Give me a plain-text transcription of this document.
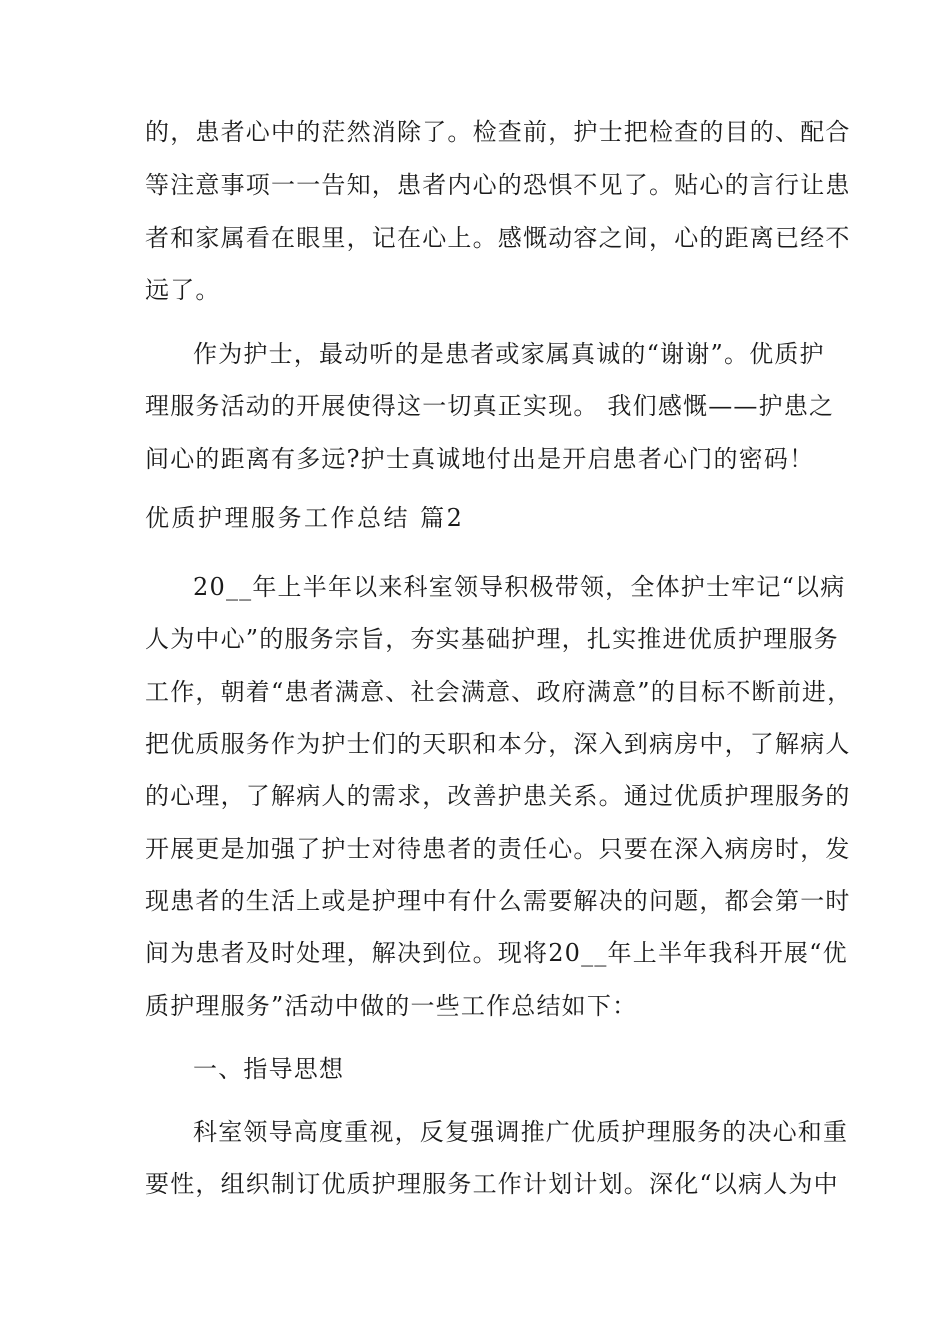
的，患者心中的茫然消除了。检查前，护士把检查的目的、配合
等注意事项一一告知，患者内心的恐惧不见了。贴心的言行让患
者和家属看在眼里，记在心上。感慨动容之间，心的距离已经不
远了。
作为护士，最动听的是患者或家属真诚的“谢谢”。优质护
理服务活动的开展使得这一切真正实现。 我们感慨——护患之
间心的距离有多远?护士真诚地付出是开启患者心门的密码！
优质护理服务工作总结 篇2
20__年上半年以来科室领导积极带领，全体护士牢记“以病
人为中心”的服务宗旨，夯实基础护理，扎实推进优质护理服务
工作，朝着“患者满意、社会满意、政府满意”的目标不断前进，
把优质服务作为护士们的天职和本分，深入到病房中，了解病人
的心理，了解病人的需求，改善护患关系。通过优质护理服务的
开展更是加强了护士对待患者的责任心。只要在深入病房时，发
现患者的生活上或是护理中有什么需要解决的问题，都会第一时
间为患者及时处理，解决到位。现将20__年上半年我科开展“优
质护理服务”活动中做的一些工作总结如下：
一、指导思想
科室领导高度重视，反复强调推广优质护理服务的决心和重
要性，组织制订优质护理服务工作计划计划。深化“以病人为中
